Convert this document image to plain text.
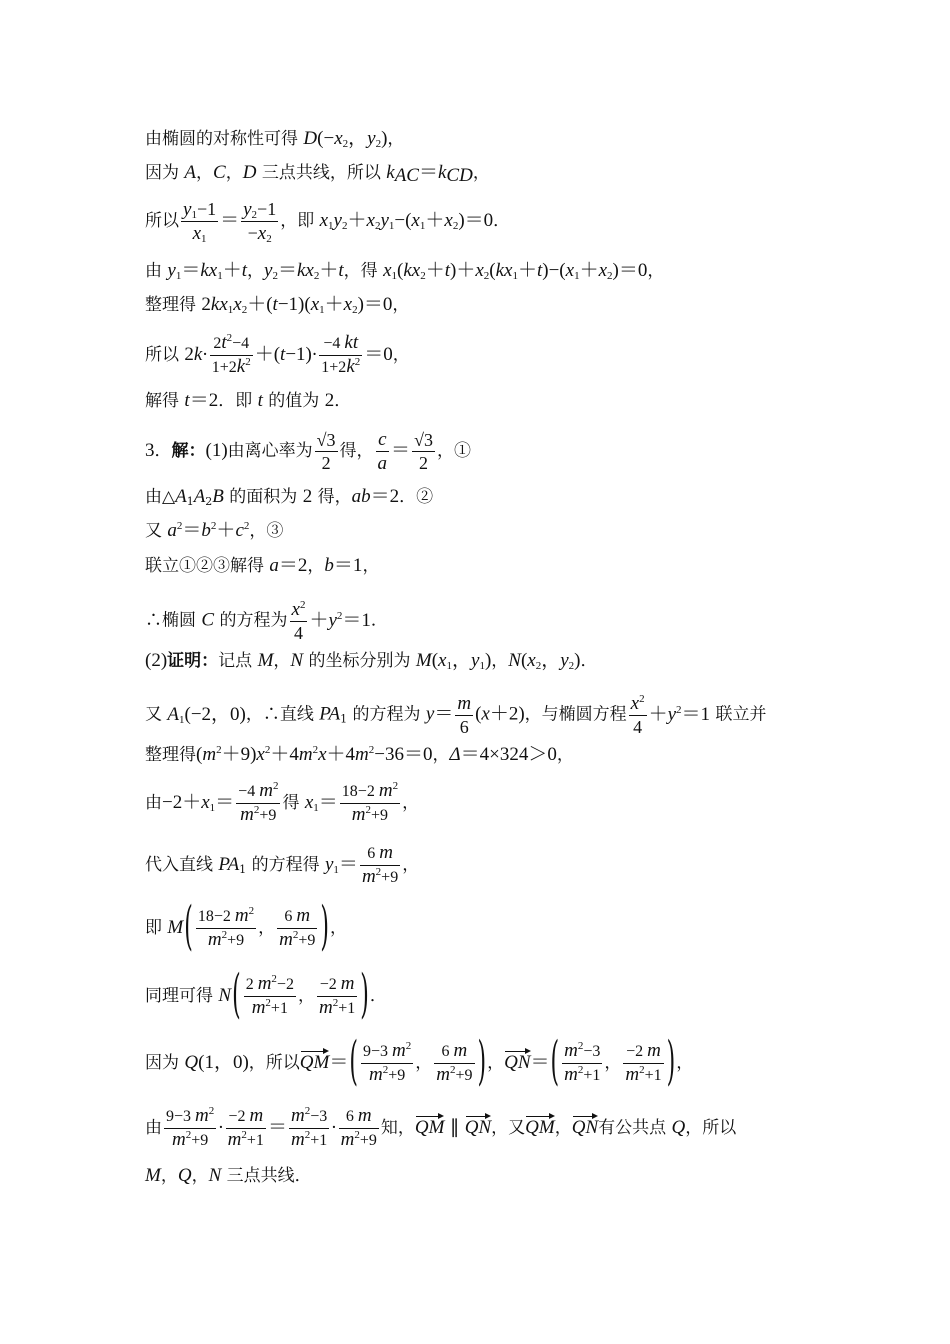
由椭圆的对称性可得 $D(-x_2$，$y_2$)，
因为 A，C，D 三点共线，所以 $k_{AC}=k_{CD}$，
所以 $\frac{y_1-1}{x_1} = \frac{y_2-1}{-x_2}$ ，即 $x_1y_2+x_2y_1-(x_1+x_2)=0$．
由 $y_1=kx_1+t$，$y_2=kx_2+t$，得 $x_1(kx_2+t)+x_2(kx_1+t)-(x_1+x_2)=0$，
整理得 $2kx_1x_2+(t-1)(x_1+x_2)=0$，
所以 $2k\cdot \frac{2t^2-4}{1+2k^2} +(t-1)\cdot \frac{-4 kt}{1+2k^2} =0$，
解得 t＝2．即 t 的值为 2．
3．解：(1)由离心率为 $\frac{√3}{2}$ 得， $\frac{c}{a} = \frac{√3}{2}$ ，①
由$\triangle A_1A_2B$ 的面积为 2 得，ab＝2．②
又 $a^2=b^2+c^2$，③
联立①②③解得 a＝2，b＝1，
∴椭圆 C 的方程为 $\frac{x^2}{4} +y^2=1$．
(2)证明：记点 M，N 的坐标分别为 $M(x_1$，$y_1$)，$N(x_2$，$y_2$)．
又 $A_1(-2$，0)，∴直线 $PA_1$ 的方程为 $y= \frac{m}{6} (x+2)$，与椭圆方程 $\frac{x^2}{4} +y^2=1$ 联立并
整理得$(m^2+9)x^2+4m^2x+4m^2-36=0$，Δ＝4×324＞0，
由$-2+x_1= \frac{-4 m^2}{m^2+9}$ 得 $x_1= \frac{18-2 m^2}{m^2+9}$ ，
代入直线 $PA_1$ 的方程得 $y_1= \frac{6 m}{m^2+9}$ ，
即 $M( \frac{18-2 m^2}{m^2+9}$ ， $\frac{6 m}{m^2+9}$ )，
同理可得 $N( \frac{2 m^2-2}{m^2+1}$ ， $\frac{-2 m}{m^2+1}$ )．
因为 Q(1，0)，所以$QM=( \frac{9-3 m^2}{m^2+9}$ ， $\frac{6 m}{m^2+9}$ )，$QN=( \frac{m^2-3}{m^2+1}$ ， $\frac{-2 m}{m^2+1}$ )，
由 $\frac{9-3 m^2}{m^2+9} \cdot \frac{-2 m}{m^2+1} = \frac{m^2-3}{m^2+1} \cdot \frac{6 m}{m^2+9}$ 知，QM ∥ QN，又QM，QN有公共点 Q，所以
M，Q，N 三点共线．
